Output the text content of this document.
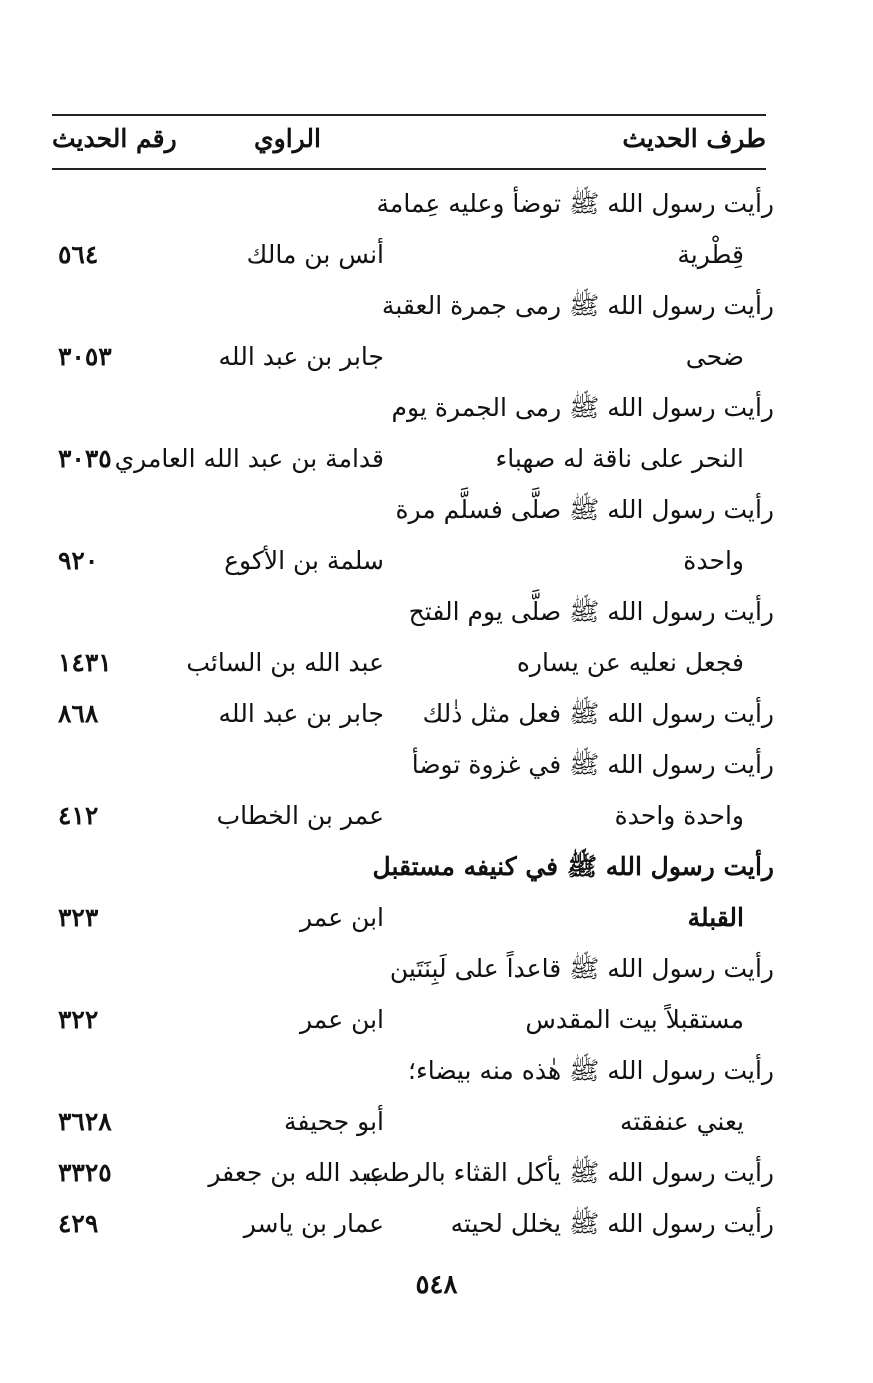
طرف الحديث
الراوي
رقم الحديث
رأيت رسول الله ﷺ توضأ وعليه عِمامة
قِطْرية
أنس بن مالك
٥٦٤
رأيت رسول الله ﷺ رمى جمرة العقبة
ضحى
جابر بن عبد الله
٣٠٥٣
رأيت رسول الله ﷺ رمى الجمرة يوم
النحر على ناقة له صهباء
قدامة بن عبد الله العامري
٣٠٣٥
رأيت رسول الله ﷺ صلَّى فسلَّم مرة
واحدة
سلمة بن الأكوع
٩٢٠
رأيت رسول الله ﷺ صلَّى يوم الفتح
فجعل نعليه عن يساره
عبد الله بن السائب
١٤٣١
رأيت رسول الله ﷺ فعل مثل ذٰلك
جابر بن عبد الله
٨٦٨
رأيت رسول الله ﷺ في غزوة توضأ
واحدة واحدة
عمر بن الخطاب
٤١٢
رأيت رسول الله ﷺ في كنيفه مستقبل
القبلة
ابن عمر
٣٢٣
رأيت رسول الله ﷺ قاعداً على لَبِنَتَين
مستقبلاً بيت المقدس
ابن عمر
٣٢٢
رأيت رسول الله ﷺ هٰذه منه بيضاء؛
يعني عنفقته
أبو جحيفة
٣٦٢٨
رأيت رسول الله ﷺ يأكل القثاء بالرطب
عبد الله بن جعفر
٣٣٢٥
رأيت رسول الله ﷺ يخلل لحيته
عمار بن ياسر
٤٢٩
٥٤٨
